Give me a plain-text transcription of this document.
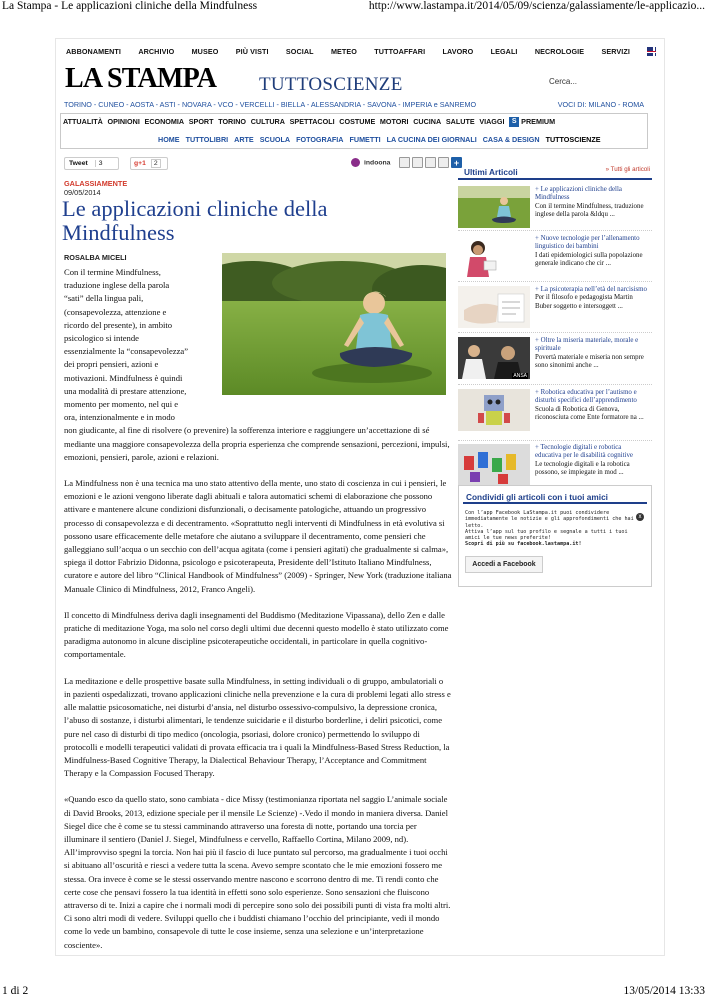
La Stampa - Le applicazioni cliniche della Mindfulness	http://www.lastampa.it/2014/05/09/scienza/galassiamente/le-applicazio...
ABBONAMENTI ARCHIVIO MUSEO PIÙ VISTI SOCIAL METEO TUTTOAFFARI LAVORO LEGALI NECROLOGIE SERVIZI
LA STAMPA TUTTOSCIENZE	Cerca...
TORINO - CUNEO - AOSTA - ASTI - NOVARA - VCO - VERCELLI - BIELLA - ALESSANDRIA - SAVONA - IMPERIA e SANREMO	VOCI DI: MILANO - ROMA
ATTUALITÀ OPINIONI ECONOMIA SPORT TORINO CULTURA SPETTACOLI COSTUME MOTORI CUCINA SALUTE VIAGGI	S PREMIUM
HOME TUTTOLIBRI ARTE SCUOLA FOTOGRAFIA FUMETTI LA CUCINA DEI GIORNALI CASA & DESIGN TUTTOSCIENZE
Tweet 3	g+1 2	indoona	+
GALASSIAMENTE
09/05/2014
Le applicazioni cliniche della Mindfulness
ROSALBA MICELI

Con il termine Mindfulness, traduzione inglese della parola “sati” della lingua pali, (consapevolezza, attenzione e ricordo del presente), in ambito psicologico si intende essenzialmente la “consapevolezza” dei propri pensieri, azioni e motivazioni. Mindfulness è quindi una modalità di prestare attenzione, momento per momento, nel qui e ora, intenzionalmente e in modo

non giudicante, al fine di risolvere (o prevenire) la sofferenza interiore e raggiungere un’accettazione di sé mediante una maggiore consapevolezza della propria esperienza che comprende sensazioni, percezioni, impulsi, emozioni, pensieri, parole, azioni e relazioni.

La Mindfulness non è una tecnica ma uno stato attentivo della mente, uno stato di coscienza in cui i pensieri, le emozioni e le azioni vengono liberate dagli abituali e talora automatici schemi di elaborazione che possono attivare e mantenere alcune condizioni disfunzionali, o decisamente patologiche, attuando un progressivo processo di consapevolezza e di decentramento. «Soprattutto negli interventi di Mindfulness in età evolutiva si possono usare efficacemente delle metafore che aiutano a sviluppare il decentramento, come pensieri che galleggiano sull’acqua o un secchio con dell’acqua agitata (come i pensieri agitati) che gradualmente si calma», spiega il dottor Fabrizio Didonna, psicologo e psicoterapeuta, Presidente dell’Istituto Italiano Mindfulness, curatore e autore del libro “Clinical Handbook of Mindfulness” (2009) - Springer, New York (traduzione italiana Manuale Clinico di Mindfulness, 2012, Franco Angeli).

Il concetto di Mindfulness deriva dagli insegnamenti del Buddismo (Meditazione Vipassana), dello Zen e dalle pratiche di meditazione Yoga, ma solo nel corso degli ultimi due decenni questo modello è stato utilizzato come paradigma autonomo in alcune discipline psicoterapeutiche occidentali, in particolare in quella cognitivo-comportamentale.

La meditazione e delle prospettive basate sulla Mindfulness, in setting individuali o di gruppo, ambulatoriali o in pazienti ospedalizzati, trovano applicazioni cliniche nella prevenzione e la cura di problemi legati allo stress e alle malattie psicosomatiche, nei disturbi d’ansia, nel disturbo ossessivo-compulsivo, la depressione cronica, l’abuso di sostanze, i disturbi alimentari, le tendenze suicidarie e il disturbo borderline, i deliri psicotici, come pure nel caso di disturbi di tipo medico (oncologia, psoriasi, dolore cronico) permettendo lo sviluppo di protocolli e modelli terapeutici validati di provata efficacia tra i quali la Mindfulness-Based Stress Reduction, la Mindfulness-Based Cognitive Therapy, la Dialectical Behaviour Therapy, l’Acceptance and Commitment Therapy e la Compassion Focused Therapy.

«Quando esco da quello stato, sono cambiata - dice Missy (testimonianza riportata nel saggio L’animale sociale di David Brooks, 2013, edizione speciale per il mensile Le Scienze) -.Vedo il mondo in maniera diversa. Daniel Siegel dice che è come se tu stessi camminando attraverso una foresta di notte, portando una torcia per illuminare il sentiero (Daniel J. Siegel, Mindfulness e cervello, Raffaello Cortina, Milano 2009, nd).

All’improvviso spegni la torcia. Non hai più il fascio di luce puntato sul percorso, ma gradualmente i tuoi occhi si abituano all’oscurità e riesci a vedere tutta la scena. Avevo sempre scontato che le mie emozioni fossero me stessa. Ora invece è come se le stessi osservando mentre nascono e scorrono dentro di me. Ti rendi conto che certe cose che pensavi fossero la tua identità in effetti sono solo esperienze. Sono sensazioni che fluiscono attraverso di te. Inizi a capire che i normali modi di percepire sono solo dei possibili punti di vista fra molti altri. Ci sono altri modi di vedere. Sviluppi quello che i buddisti chiamano l’occhio del principiante, vedi il mondo come lo vede un bambino, consapevole di tutte le cose insieme, senza una selezione e un’interpretazione cosciente».

Ultimi Articoli	» Tutti gli articoli
+ Le applicazioni cliniche della Mindfulness
Con il termine Mindfulness, traduzione inglese della parola &ldqu ...
+ Nuove tecnologie per l’allenamento linguistico dei bambini
I dati epidemiologici sulla popolazione generale indicano che cir ...
+ La psicoterapia nell’età del narcisismo
Per il filosofo e pedagogista Martin Buber soggetto e intersoggett ...
ANSA
+ Oltre la miseria materiale, morale e spirituale
Povertà materiale e miseria non sempre sono sinonimi anche ...
+ Robotica educativa per l’autismo e disturbi specifici dell’apprendimento
Scuola di Robotica di Genova, riconosciuta come Ente formatore na ...
+ Tecnologie digitali e robotica educativa per le disabilità cognitive
Le tecnologie digitali e la robotica possono, se impiegate in mod ...
Condividi gli articoli con i tuoi amici
x
Con l’app Facebook LaStampa.it puoi condividere immediatamente le notizie e gli approfondimenti che hai letto.
Attiva l’app sul tuo profilo e segnale a tutti i tuoi amici le tue news preferite!
Scopri di più su facebook.lastampa.it!
Accedi a Facebook
1 di 2	13/05/2014 13:33
